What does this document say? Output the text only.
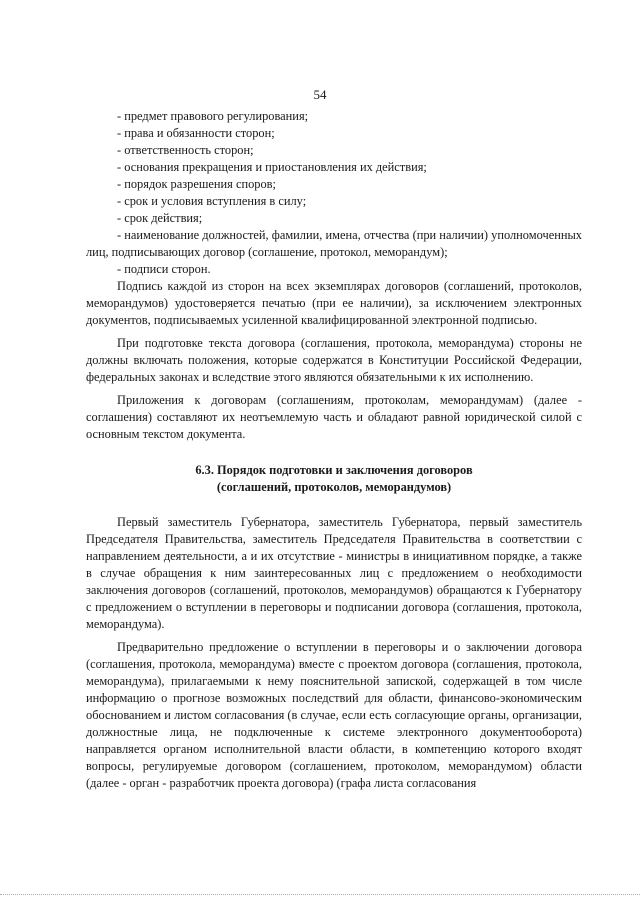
54

- предмет правового регулирования;

- права и обязанности сторон;

- ответственность сторон;

- основания прекращения и приостановления их действия;

- порядок разрешения споров;

- срок и условия вступления в силу;

- срок действия;

- наименование должностей, фамилии, имена, отчества (при наличии) уполномоченных лиц, подписывающих договор (соглашение, протокол, меморандум);

- подписи сторон.

Подпись каждой из сторон на всех экземплярах договоров (соглашений, протоколов, меморандумов) удостоверяется печатью (при ее наличии), за исключением электронных документов, подписываемых усиленной квалифицированной электронной подписью.

При подготовке текста договора (соглашения, протокола, меморандума) стороны не должны включать положения, которые содержатся в Конституции Российской Федерации, федеральных законах и вследствие этого являются обязательными к их исполнению.

Приложения к договорам (соглашениям, протоколам, меморандумам) (далее - соглашения) составляют их неотъемлемую часть и обладают равной юридической силой с основным текстом документа.

6.3. Порядок подготовки и заключения договоров

(соглашений, протоколов, меморандумов)

Первый заместитель Губернатора, заместитель Губернатора, первый заместитель Председателя Правительства, заместитель Председателя Правительства в соответствии с направлением деятельности, а и их отсутствие - министры в инициативном порядке, а также в случае обращения к ним заинтересованных лиц с предложением о необходимости заключения договоров (соглашений, протоколов, меморандумов) обращаются к Губернатору с предложением о вступлении в переговоры и подписании договора (соглашения, протокола, меморандума).

Предварительно предложение о вступлении в переговоры и о заключении договора (соглашения, протокола, меморандума) вместе с проектом договора (соглашения, протокола, меморандума), прилагаемыми к нему пояснительной запиской, содержащей в том числе информацию о прогнозе возможных последствий для области, финансово-экономическим обоснованием и листом согласования (в случае, если есть согласующие органы, организации, должностные лица, не подключенные к системе электронного документооборота) направляется органом исполнительной власти области, в компетенцию которого входят вопросы, регулируемые договором (соглашением, протоколом, меморандумом) области (далее - орган - разработчик проекта договора) (графа листа согласования
